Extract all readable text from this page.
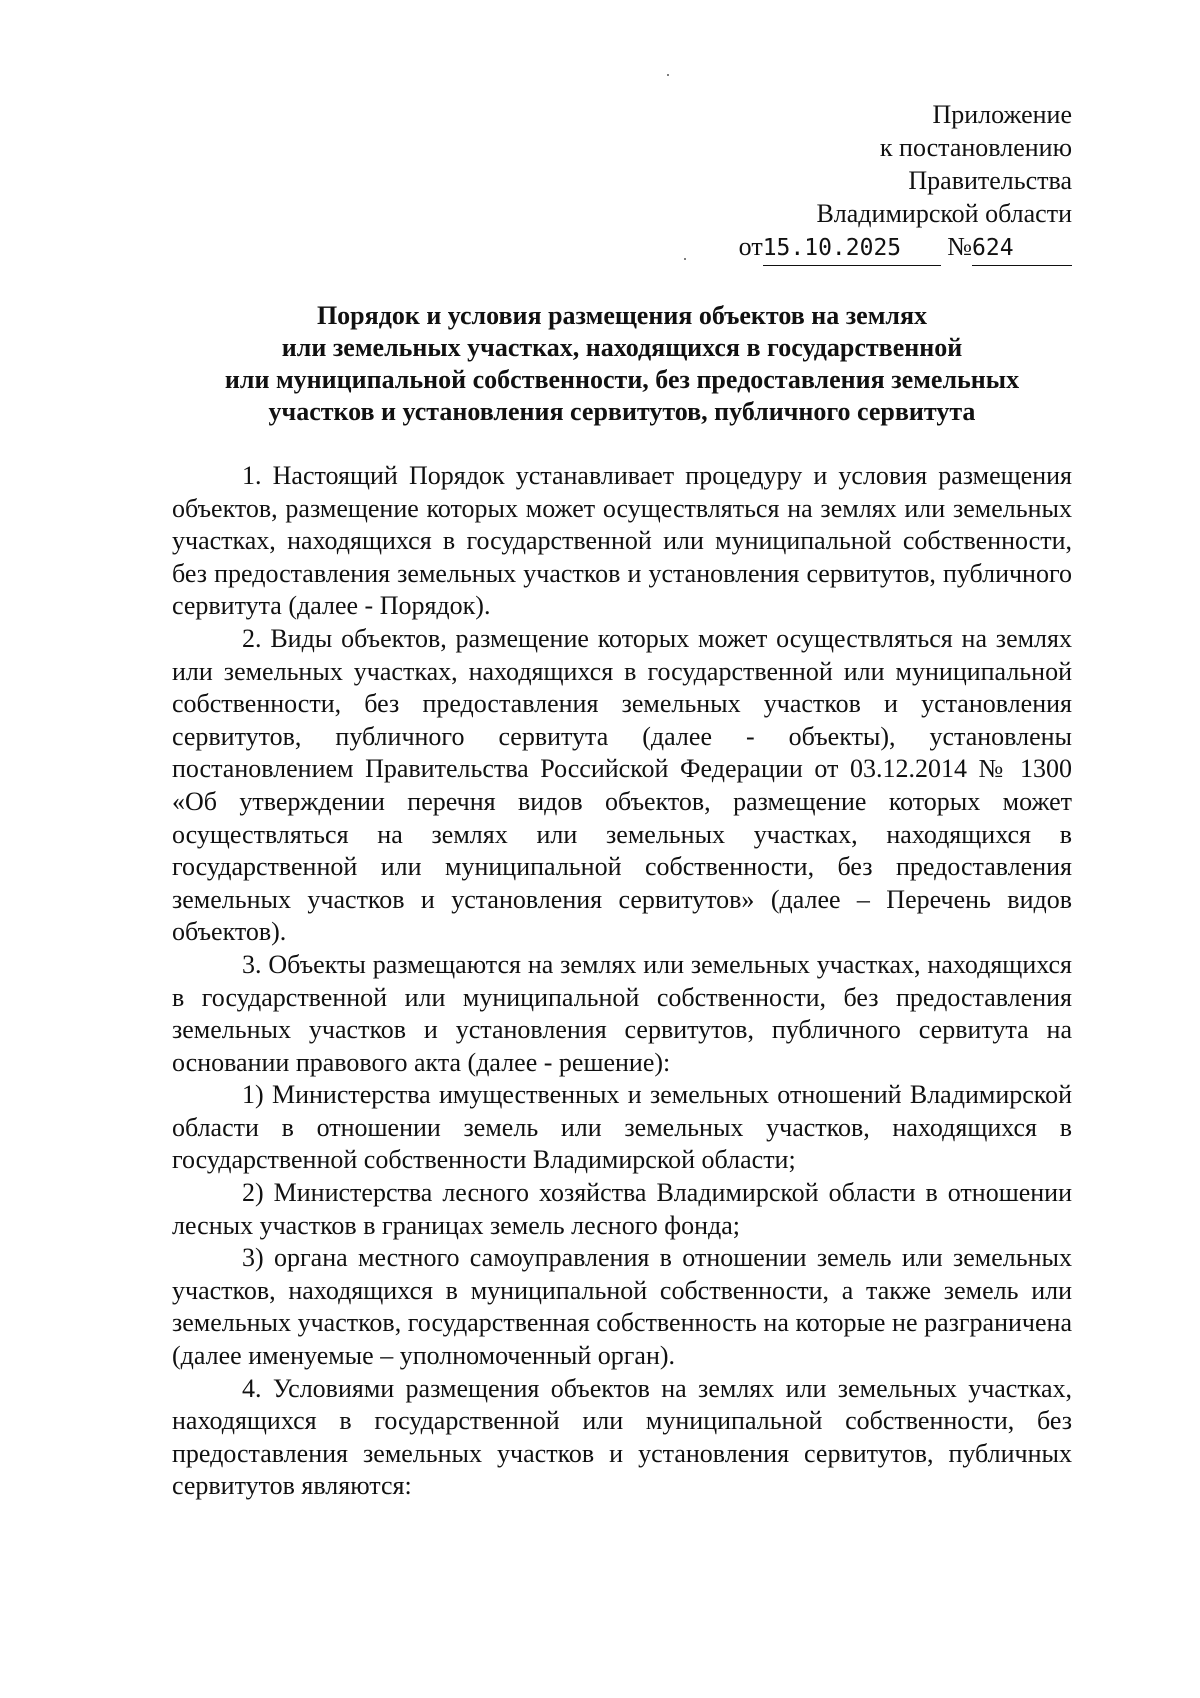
Приложение
к постановлению
Правительства
Владимирской области
от15.10.2025 №624
Порядок и условия размещения объектов на землях
или земельных участках, находящихся в государственной
или муниципальной собственности, без предоставления земельных
участков и установления сервитутов, публичного сервитута

1. Настоящий Порядок устанавливает процедуру и условия размещения объектов, размещение которых может осуществляться на землях или земельных участках, находящихся в государственной или муниципальной собственности, без предоставления земельных участков и установления сервитутов, публичного сервитута (далее - Порядок).

2. Виды объектов, размещение которых может осуществляться на землях или земельных участках, находящихся в государственной или муниципальной собственности, без предоставления земельных участков и установления сервитутов, публичного сервитута (далее - объекты), установлены постановлением Правительства Российской Федерации от 03.12.2014 № 1300 «Об утверждении перечня видов объектов, размещение которых может осуществляться на землях или земельных участках, находящихся в государственной или муниципальной собственности, без предоставления земельных участков и установления сервитутов» (далее – Перечень видов объектов).

3. Объекты размещаются на землях или земельных участках, находящихся в государственной или муниципальной собственности, без предоставления земельных участков и установления сервитутов, публичного сервитута на основании правового акта (далее - решение):

1) Министерства имущественных и земельных отношений Владимирской области в отношении земель или земельных участков, находящихся в государственной собственности Владимирской области;

2) Министерства лесного хозяйства Владимирской области в отношении лесных участков в границах земель лесного фонда;

3) органа местного самоуправления в отношении земель или земельных участков, находящихся в муниципальной собственности, а также земель или земельных участков, государственная собственность на которые не разграничена (далее именуемые – уполномоченный орган).

4. Условиями размещения объектов на землях или земельных участках, находящихся в государственной или муниципальной собственности, без предоставления земельных участков и установления сервитутов, публичных сервитутов являются:
